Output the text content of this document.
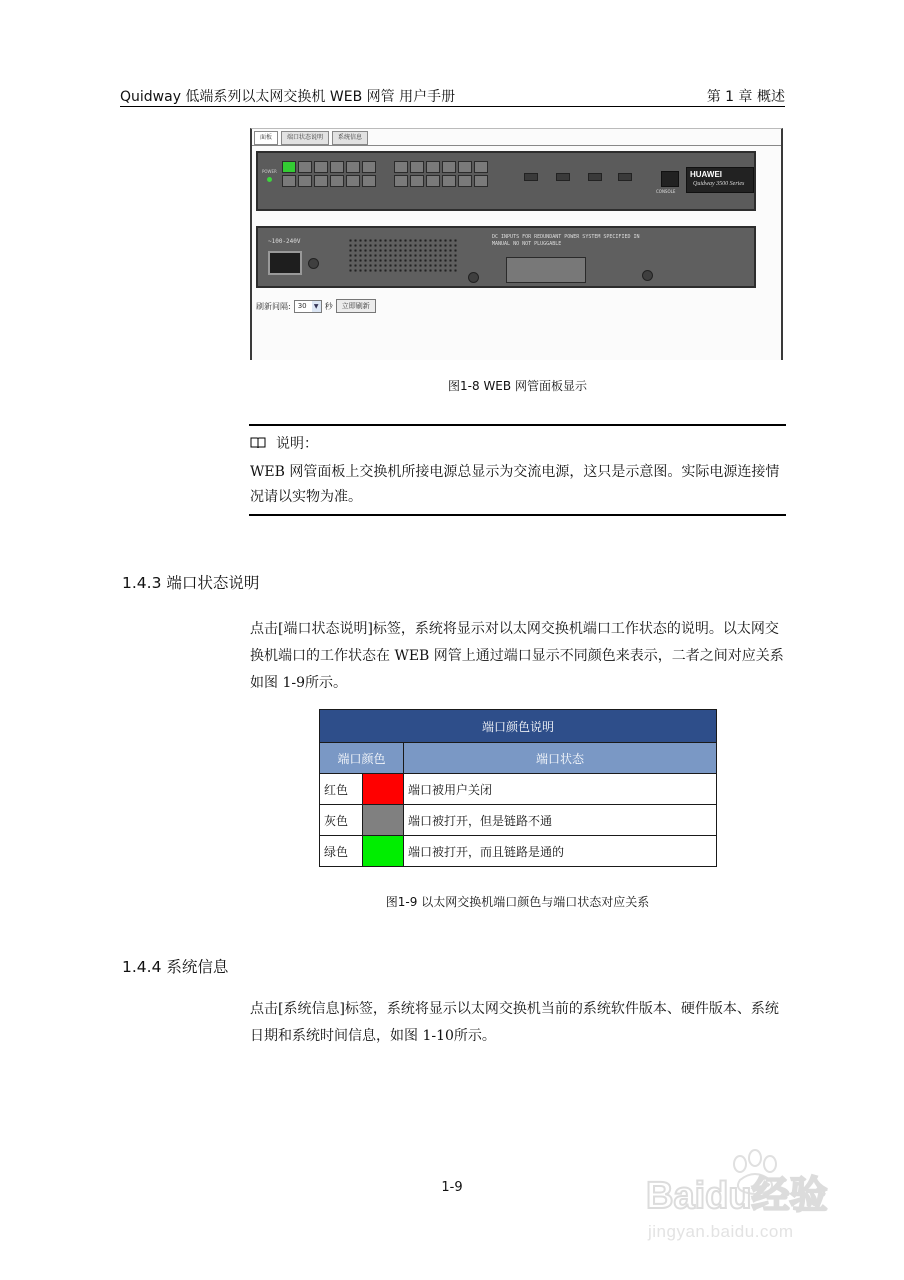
Quidway 低端系列以太网交换机 WEB 网管 用户手册	第 1 章 概述
面板	端口状态说明	系统信息
POWER
CONSOLE
HUAWEI
Quidway 3500 Series
~100-240V
DC INPUTS FOR REDUNDANT POWER SYSTEM SPECIFIED IN MANUAL NO NOT PLUGGABLE
刷新间隔:	30	▼ 秒	立即刷新
图1-8 WEB 网管面板显示
说明：
WEB 网管面板上交换机所接电源总显示为交流电源，这只是示意图。实际电源连接情况请以实物为准。
1.4.3 端口状态说明
点击[端口状态说明]标签，系统将显示对以太网交换机端口工作状态的说明。以太网交换机端口的工作状态在 WEB 网管上通过端口显示不同颜色来表示，二者之间对应关系如图 1-9所示。
端口颜色说明		
端口颜色		端口状态
红色		端口被用户关闭
灰色		端口被打开，但是链路不通
绿色		端口被打开，而且链路是通的
图1-9 以太网交换机端口颜色与端口状态对应关系
1.4.4 系统信息
点击[系统信息]标签，系统将显示以太网交换机当前的系统软件版本、硬件版本、系统日期和系统时间信息，如图 1-10所示。
1-9	Baidu经验
jingyan.baidu.com
